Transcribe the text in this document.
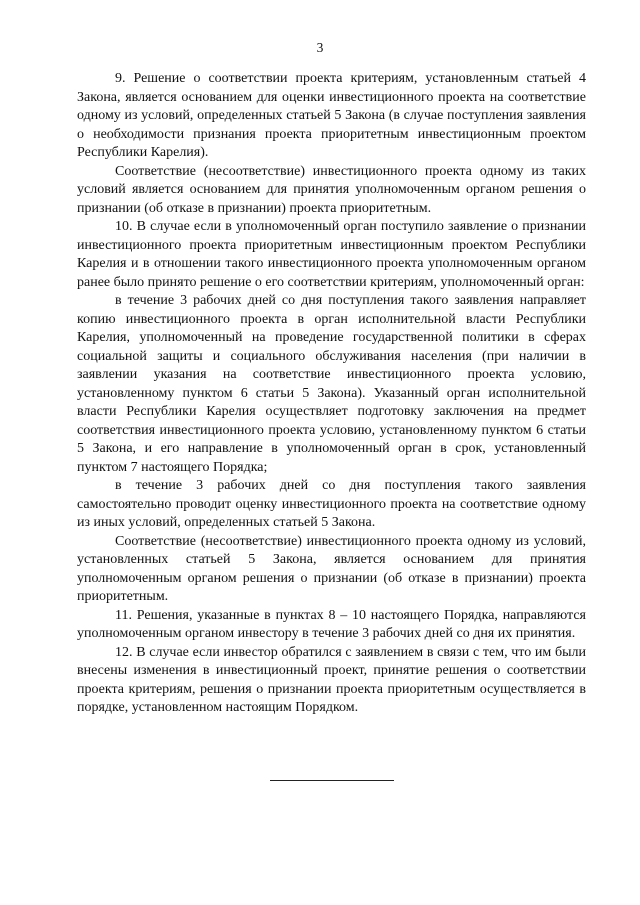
3

9. Решение о соответствии проекта критериям, установленным статьей 4 Закона, является основанием для оценки инвестиционного проекта на соответствие одному из условий, определенных статьей 5 Закона (в случае поступления заявления о необходимости признания проекта приоритетным инвестиционным проектом Республики Карелия).

Соответствие (несоответствие) инвестиционного проекта одному из таких условий является основанием для принятия уполномоченным органом решения о признании (об отказе в признании) проекта приоритетным.

10. В случае если в уполномоченный орган поступило заявление о признании инвестиционного проекта приоритетным инвестиционным проектом Республики Карелия и в отношении такого инвестиционного проекта уполномоченным органом ранее было принято решение о его соответствии критериям, уполномоченный орган:

в течение 3 рабочих дней со дня поступления такого заявления направляет копию инвестиционного проекта в орган исполнительной власти Республики Карелия, уполномоченный на проведение государственной политики в сферах социальной защиты и социального обслуживания населения (при наличии в заявлении указания на соответствие инвестиционного проекта условию, установленному пунктом 6 статьи 5 Закона). Указанный орган исполнительной власти Республики Карелия осуществляет подготовку заключения на предмет соответствия инвестиционного проекта условию, установленному пунктом 6 статьи 5 Закона, и его направление в уполномоченный орган в срок, установленный пунктом 7 настоящего Порядка;

в течение 3 рабочих дней со дня поступления такого заявления самостоятельно проводит оценку инвестиционного проекта на соответствие одному из иных условий, определенных статьей 5 Закона.

Соответствие (несоответствие) инвестиционного проекта одному из условий, установленных статьей 5 Закона, является основанием для принятия уполномоченным органом решения о признании (об отказе в признании) проекта приоритетным.

11. Решения, указанные в пунктах 8 – 10 настоящего Порядка, направляются уполномоченным органом инвестору в течение 3 рабочих дней со дня их принятия.

12. В случае если инвестор обратился с заявлением в связи с тем, что им были внесены изменения в инвестиционный проект, принятие решения о соответствии проекта критериям, решения о признании проекта приоритетным осуществляется в порядке, установленном настоящим Порядком.
